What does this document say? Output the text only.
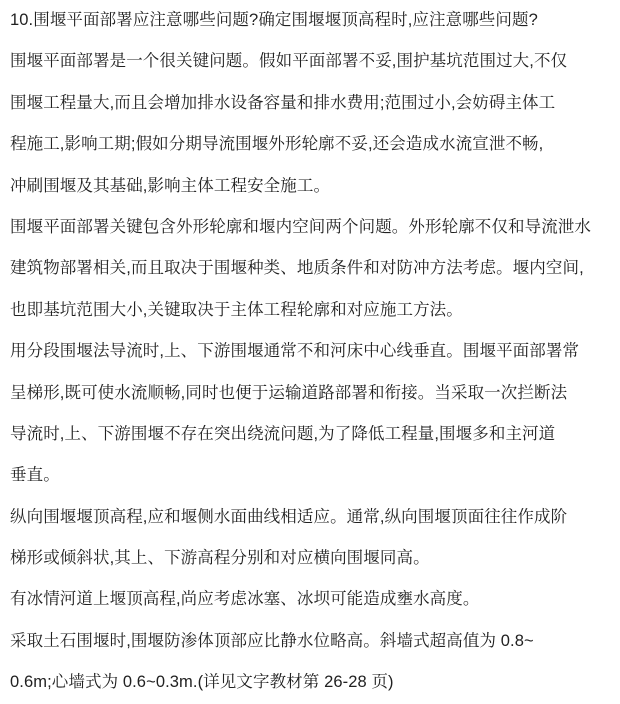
10.围堰平面部署应注意哪些问题?确定围堰堰顶高程时,应注意哪些问题?
围堰平面部署是一个很关键问题。假如平面部署不妥,围护基坑范围过大,不仅
围堰工程量大,而且会增加排水设备容量和排水费用;范围过小,会妨碍主体工
程施工,影响工期;假如分期导流围堰外形轮廓不妥,还会造成水流宣泄不畅,
冲刷围堰及其基础,影响主体工程安全施工。
围堰平面部署关键包含外形轮廓和堰内空间两个问题。外形轮廓不仅和导流泄水
建筑物部署相关,而且取决于围堰种类、地质条件和对防冲方法考虑。堰内空间,
也即基坑范围大小,关键取决于主体工程轮廓和对应施工方法。
用分段围堰法导流时,上、下游围堰通常不和河床中心线垂直。围堰平面部署常
呈梯形,既可使水流顺畅,同时也便于运输道路部署和衔接。当采取一次拦断法
导流时,上、下游围堰不存在突出绕流问题,为了降低工程量,围堰多和主河道
垂直。
纵向围堰堰顶高程,应和堰侧水面曲线相适应。通常,纵向围堰顶面往往作成阶
梯形或倾斜状,其上、下游高程分别和对应横向围堰同高。
有冰情河道上堰顶高程,尚应考虑冰塞、冰坝可能造成壅水高度。
采取土石围堰时,围堰防渗体顶部应比静水位略高。斜墙式超高值为 0.8~
0.6m;心墙式为 0.6~0.3m.(详见文字教材第 26-28 页)
